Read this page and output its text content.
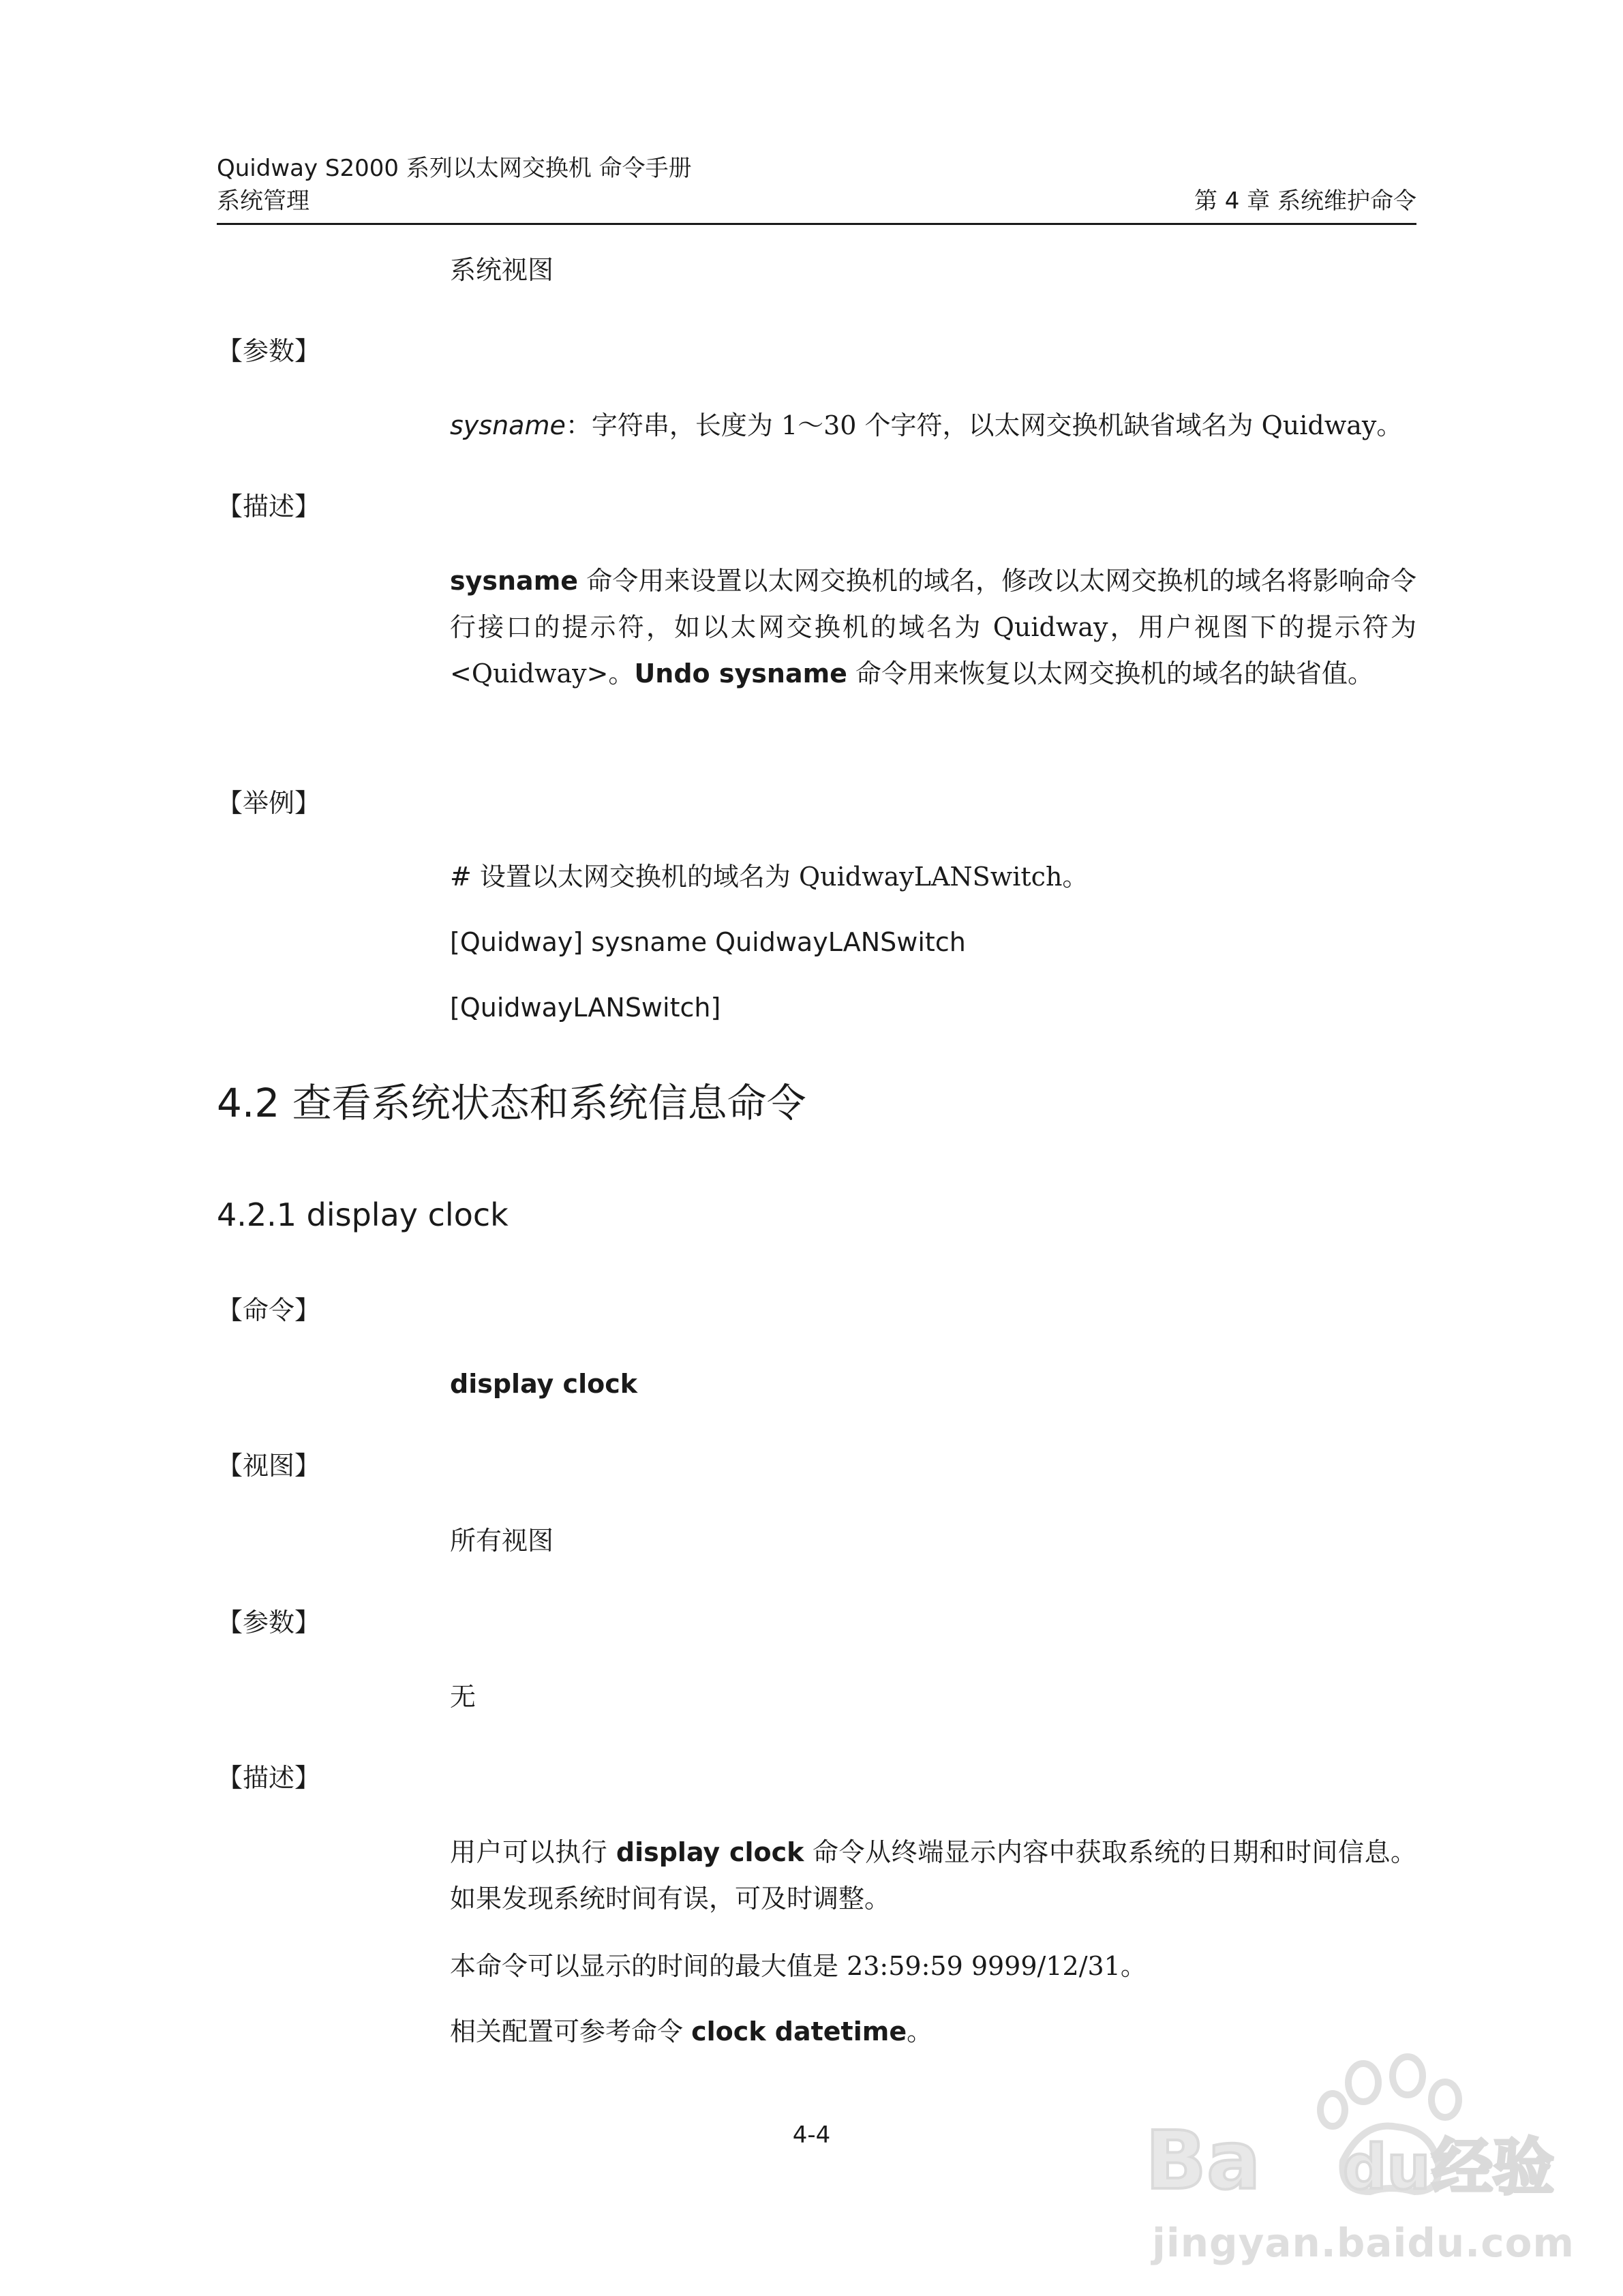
Quidway S2000 系列以太网交换机 命令手册
系统管理	第 4 章 系统维护命令
系统视图
【参数】
sysname：字符串，长度为 1～30 个字符，以太网交换机缺省域名为 Quidway。
【描述】
sysname 命令用来设置以太网交换机的域名，修改以太网交换机的域名将影响命令行接口的提示符，如以太网交换机的域名为 Quidway，用户视图下的提示符为<Quidway>。Undo sysname 命令用来恢复以太网交换机的域名的缺省值。
【举例】
# 设置以太网交换机的域名为 QuidwayLANSwitch。
[Quidway] sysname QuidwayLANSwitch
[QuidwayLANSwitch]
4.2 查看系统状态和系统信息命令
4.2.1 display clock
【命令】
display clock
【视图】
所有视图
【参数】
无
【描述】
用户可以执行 display clock 命令从终端显示内容中获取系统的日期和时间信息。如果发现系统时间有误，可及时调整。
本命令可以显示的时间的最大值是 23:59:59 9999/12/31。
相关配置可参考命令 clock datetime。
4-4	Ba du 经验
jingyan.baidu.com
